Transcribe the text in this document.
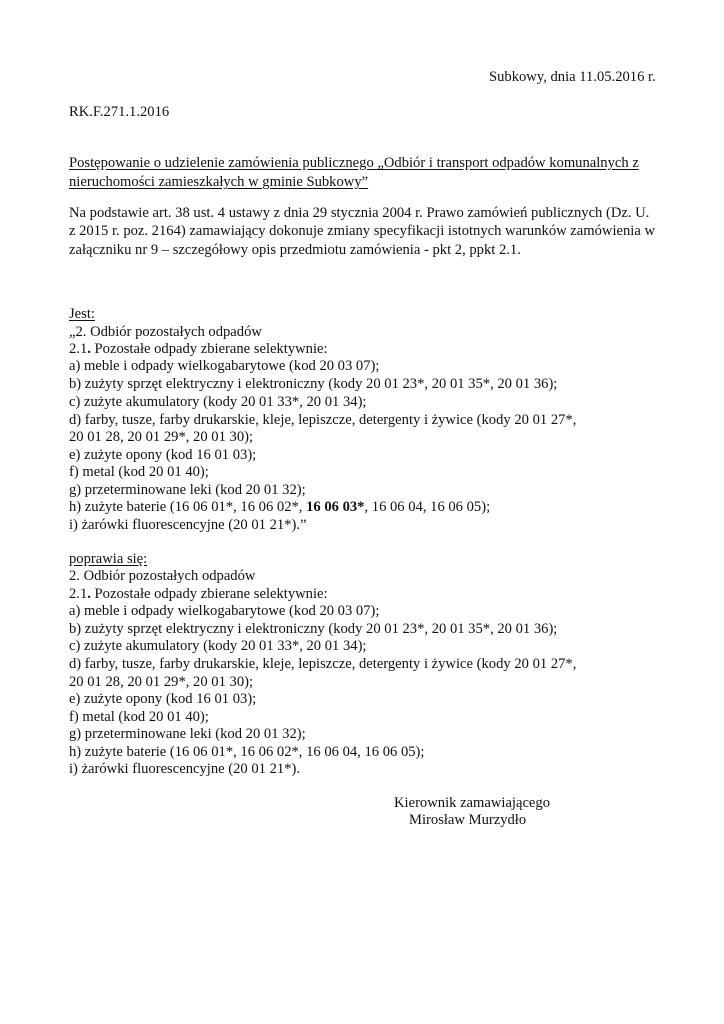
Subkowy, dnia 11.05.2016 r.
RK.F.271.1.2016
Postępowanie o udzielenie zamówienia publicznego „Odbiór i transport odpadów komunalnych z
nieruchomości zamieszkałych w gminie Subkowy”
Na podstawie art. 38 ust. 4 ustawy z dnia 29 stycznia 2004 r. Prawo zamówień publicznych (Dz. U.
z 2015 r. poz. 2164) zamawiający dokonuje zmiany specyfikacji istotnych warunków zamówienia w
załączniku nr 9 – szczegółowy opis przedmiotu zamówienia - pkt 2, ppkt 2.1.
Jest:
„2. Odbiór pozostałych odpadów
2.1. Pozostałe odpady zbierane selektywnie:
a) meble i odpady wielkogabarytowe (kod 20 03 07);
b) zużyty sprzęt elektryczny i elektroniczny (kody 20 01 23*, 20 01 35*, 20 01 36);
c) zużyte akumulatory (kody 20 01 33*, 20 01 34);
d) farby, tusze, farby drukarskie, kleje, lepiszcze, detergenty i żywice (kody 20 01 27*,
20 01 28, 20 01 29*, 20 01 30);
e) zużyte opony (kod 16 01 03);
f) metal (kod 20 01 40);
g) przeterminowane leki (kod 20 01 32);
h) zużyte baterie (16 06 01*, 16 06 02*, 16 06 03*, 16 06 04, 16 06 05);
i) żarówki fluorescencyjne (20 01 21*).”
poprawia się:
2. Odbiór pozostałych odpadów
2.1. Pozostałe odpady zbierane selektywnie:
a) meble i odpady wielkogabarytowe (kod 20 03 07);
b) zużyty sprzęt elektryczny i elektroniczny (kody 20 01 23*, 20 01 35*, 20 01 36);
c) zużyte akumulatory (kody 20 01 33*, 20 01 34);
d) farby, tusze, farby drukarskie, kleje, lepiszcze, detergenty i żywice (kody 20 01 27*,
20 01 28, 20 01 29*, 20 01 30);
e) zużyte opony (kod 16 01 03);
f) metal (kod 20 01 40);
g) przeterminowane leki (kod 20 01 32);
h) zużyte baterie (16 06 01*, 16 06 02*, 16 06 04, 16 06 05);
i) żarówki fluorescencyjne (20 01 21*).
Kierownik zamawiającego
Mirosław Murzydło
